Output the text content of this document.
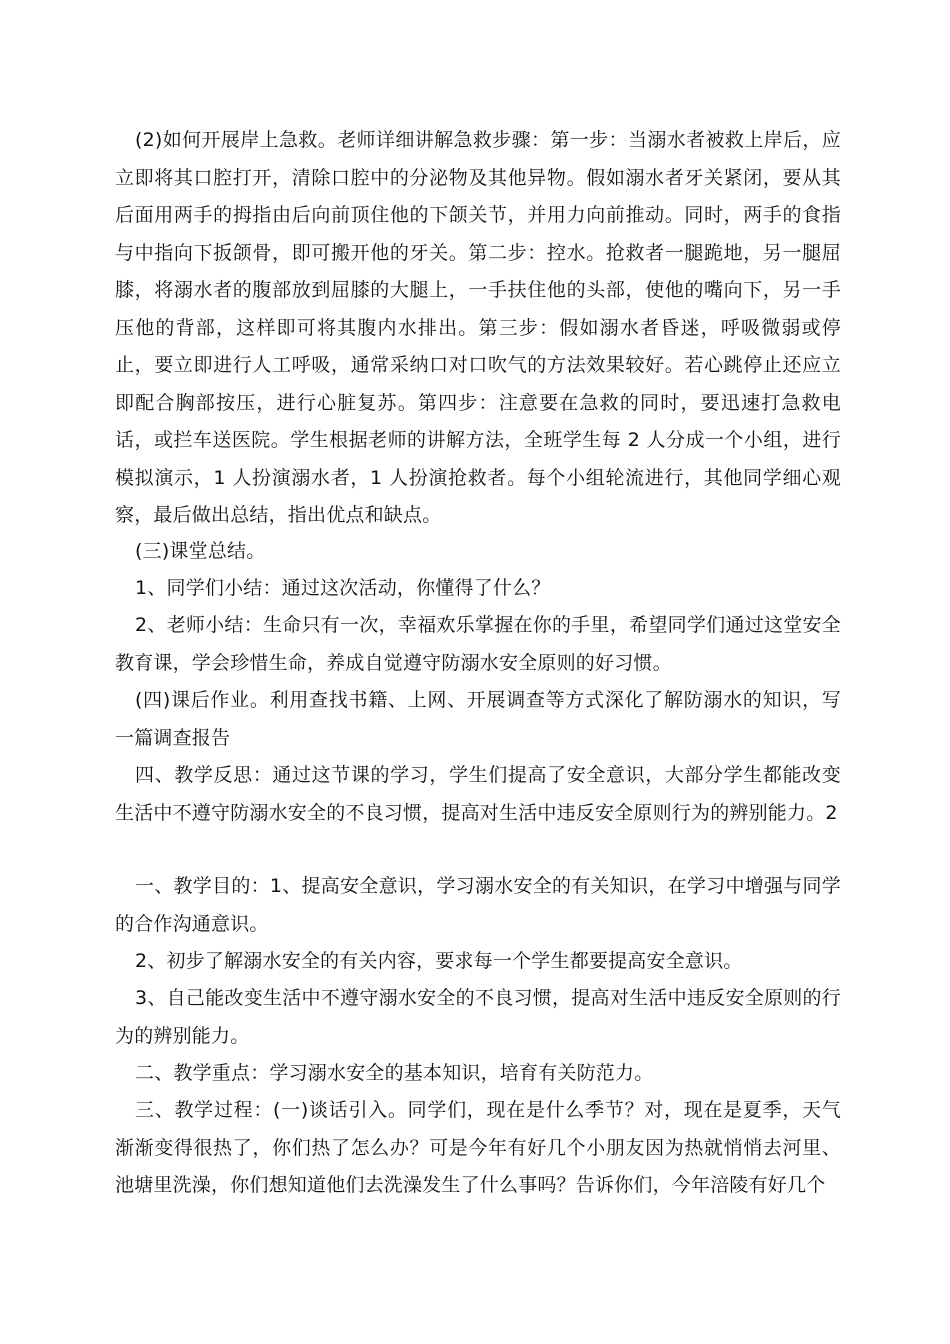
(2)如何开展岸上急救。老师详细讲解急救步骤：第一步：当溺水者被救上岸后，应立即将其口腔打开，清除口腔中的分泌物及其他异物。假如溺水者牙关紧闭，要从其后面用两手的拇指由后向前顶住他的下颌关节，并用力向前推动。同时，两手的食指与中指向下扳颌骨，即可搬开他的牙关。第二步：控水。抢救者一腿跪地，另一腿屈膝，将溺水者的腹部放到屈膝的大腿上，一手扶住他的头部，使他的嘴向下，另一手压他的背部，这样即可将其腹内水排出。第三步：假如溺水者昏迷，呼吸微弱或停止，要立即进行人工呼吸，通常采纳口对口吹气的方法效果较好。若心跳停止还应立即配合胸部按压，进行心脏复苏。第四步：注意要在急救的同时，要迅速打急救电话，或拦车送医院。学生根据老师的讲解方法，全班学生每 2 人分成一个小组，进行模拟演示，1 人扮演溺水者，1 人扮演抢救者。每个小组轮流进行，其他同学细心观察，最后做出总结，指出优点和缺点。

(三)课堂总结。

1、同学们小结：通过这次活动，你懂得了什么？

2、老师小结：生命只有一次，幸福欢乐掌握在你的手里，希望同学们通过这堂安全教育课，学会珍惜生命，养成自觉遵守防溺水安全原则的好习惯。

(四)课后作业。利用查找书籍、上网、开展调查等方式深化了解防溺水的知识，写一篇调查报告

四、教学反思：通过这节课的学习，学生们提高了安全意识，大部分学生都能改变生活中不遵守防溺水安全的不良习惯，提高对生活中违反安全原则行为的辨别能力。2

一、教学目的：1、提高安全意识，学习溺水安全的有关知识，在学习中增强与同学的合作沟通意识。

2、初步了解溺水安全的有关内容，要求每一个学生都要提高安全意识。

3、自己能改变生活中不遵守溺水安全的不良习惯，提高对生活中违反安全原则的行为的辨别能力。

二、教学重点：学习溺水安全的基本知识，培育有关防范力。

三、教学过程：(一)谈话引入。同学们，现在是什么季节？对，现在是夏季，天气渐渐变得很热了，你们热了怎么办？可是今年有好几个小朋友因为热就悄悄去河里、池塘里洗澡，你们想知道他们去洗澡发生了什么事吗？告诉你们，今年涪陵有好几个
